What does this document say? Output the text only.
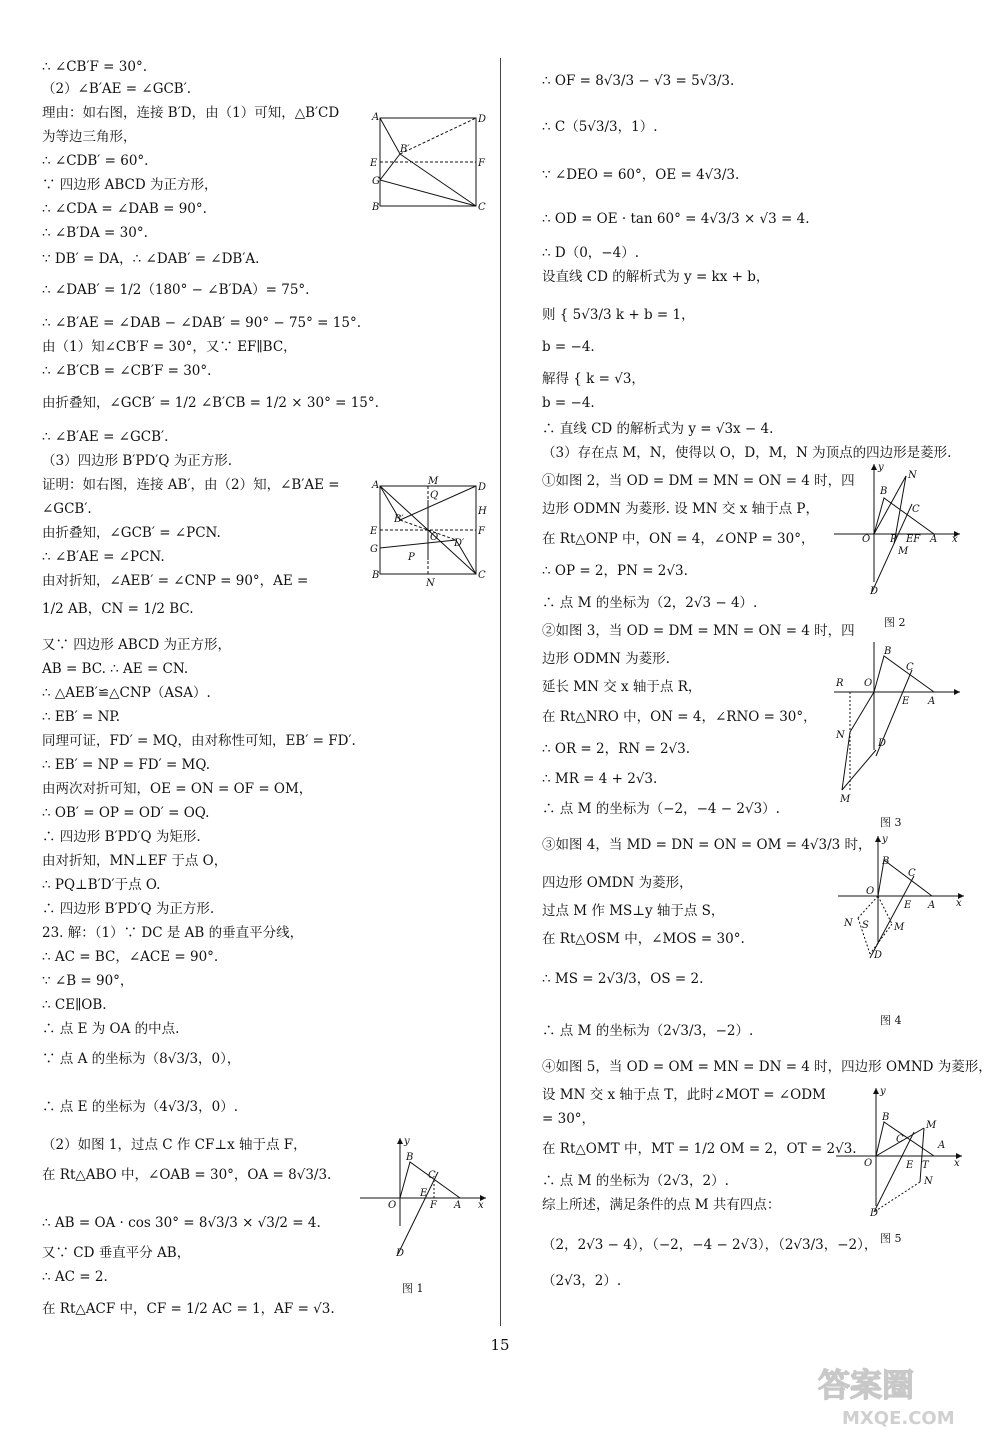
∴ ∠CB′F = 30°.
（2）∠B′AE = ∠GCB′.
理由：如右图，连接 B′D，由（1）可知，△B′CD
为等边三角形，
∴ ∠CDB′ = 60°.
∵ 四边形 ABCD 为正方形，
∴ ∠CDA = ∠DAB = 90°.
∴ ∠B′DA = 30°.
∵ DB′ = DA，∴ ∠DAB′ = ∠DB′A.
∴ ∠DAB′ = 1/2（180° − ∠B′DA）= 75°.
∴ ∠B′AE = ∠DAB − ∠DAB′ = 90° − 75° = 15°.
由（1）知∠CB′F = 30°，又∵ EF∥BC，
∴ ∠B′CB = ∠CB′F = 30°.
由折叠知，∠GCB′ = 1/2 ∠B′CB = 1/2 × 30° = 15°.
∴ ∠B′AE = ∠GCB′.
（3）四边形 B′PD′Q 为正方形.
证明：如右图，连接 AB′，由（2）知，∠B′AE =
∠GCB′.
由折叠知，∠GCB′ = ∠PCN.
∴ ∠B′AE = ∠PCN.
由对折知，∠AEB′ = ∠CNP = 90°，AE =
1/2 AB，CN = 1/2 BC.
又∵ 四边形 ABCD 为正方形，
AB = BC. ∴ AE = CN.
∴ △AEB′≌△CNP（ASA）.
∴ EB′ = NP.
同理可证，FD′ = MQ，由对称性可知，EB′ = FD′.
∴ EB′ = NP = FD′ = MQ.
由两次对折可知，OE = ON = OF = OM，
∴ OB′ = OP = OD′ = OQ.
∴ 四边形 B′PD′Q 为矩形.
由对折知，MN⊥EF 于点 O，
∴ PQ⊥B′D′于点 O.
∴ 四边形 B′PD′Q 为正方形.
23. 解：（1）∵ DC 是 AB 的垂直平分线，
∴ AC = BC，∠ACE = 90°.
∵ ∠B = 90°，
∴ CE∥OB.
∴ 点 E 为 OA 的中点.
∵ 点 A 的坐标为（8√3/3，0），
∴ 点 E 的坐标为（4√3/3，0）.
（2）如图 1，过点 C 作 CF⊥x 轴于点 F，
在 Rt△ABO 中，∠OAB = 30°，OA = 8√3/3.
∴ AB = OA · cos 30° = 8√3/3 × √3/2 = 4.
又∵ CD 垂直平分 AB，
∴ AC = 2.
在 Rt△ACF 中，CF = 1/2 AC = 1，AF = √3.
∴ OF = 8√3/3 − √3 = 5√3/3.
∴ C（5√3/3，1）.
∵ ∠DEO = 60°，OE = 4√3/3.
∴ OD = OE · tan 60° = 4√3/3 × √3 = 4.
∴ D（0，−4）.
设直线 CD 的解析式为 y = kx + b，
则 { 5√3/3 k + b = 1，
b = −4.
解得 { k = √3，
b = −4.
∴ 直线 CD 的解析式为 y = √3x − 4.
（3）存在点 M，N，使得以 O，D，M，N 为顶点的四边形是菱形.
①如图 2，当 OD = DM = MN = ON = 4 时，四
边形 ODMN 为菱形. 设 MN 交 x 轴于点 P，
在 Rt△ONP 中，ON = 4，∠ONP = 30°，
∴ OP = 2，PN = 2√3.
∴ 点 M 的坐标为（2，2√3 − 4）.
②如图 3，当 OD = DM = MN = ON = 4 时，四
边形 ODMN 为菱形.
延长 MN 交 x 轴于点 R，
在 Rt△NRO 中，ON = 4，∠RNO = 30°，
∴ OR = 2，RN = 2√3.
∴ MR = 4 + 2√3.
∴ 点 M 的坐标为（−2，−4 − 2√3）.
③如图 4，当 MD = DN = ON = OM = 4√3/3 时，
四边形 OMDN 为菱形，
过点 M 作 MS⊥y 轴于点 S，
在 Rt△OSM 中，∠MOS = 30°.
∴ MS = 2√3/3，OS = 2.
∴ 点 M 的坐标为（2√3/3，−2）.
④如图 5，当 OD = OM = MN = DN = 4 时，四边形 OMND 为菱形，
设 MN 交 x 轴于点 T，此时∠MOT = ∠ODM
= 30°，
在 Rt△OMT 中，MT = 1/2 OM = 2，OT = 2√3.
∴ 点 M 的坐标为（2√3，2）.
综上所述，满足条件的点 M 共有四点：
（2，2√3 − 4），（−2，−4 − 2√3），（2√3/3，−2），
（2√3，2）.
A	D
E	F
G
B	C
B′
A	D
M
Q
H
E	F
B′
D′
O
G
P
B
N
C
y
x
O
B
C
E
F A
D
图 1
y
x
O
B
N
C
P EF A
M
D
图 2
R O
B
C
E A
N
D
M
图 3
y
x
O
B
C
E A
N S	M
D
图 4
y
x
O
B
C
M
A
E T
N
D
图 5
15
答案圈
MXQE.COM
